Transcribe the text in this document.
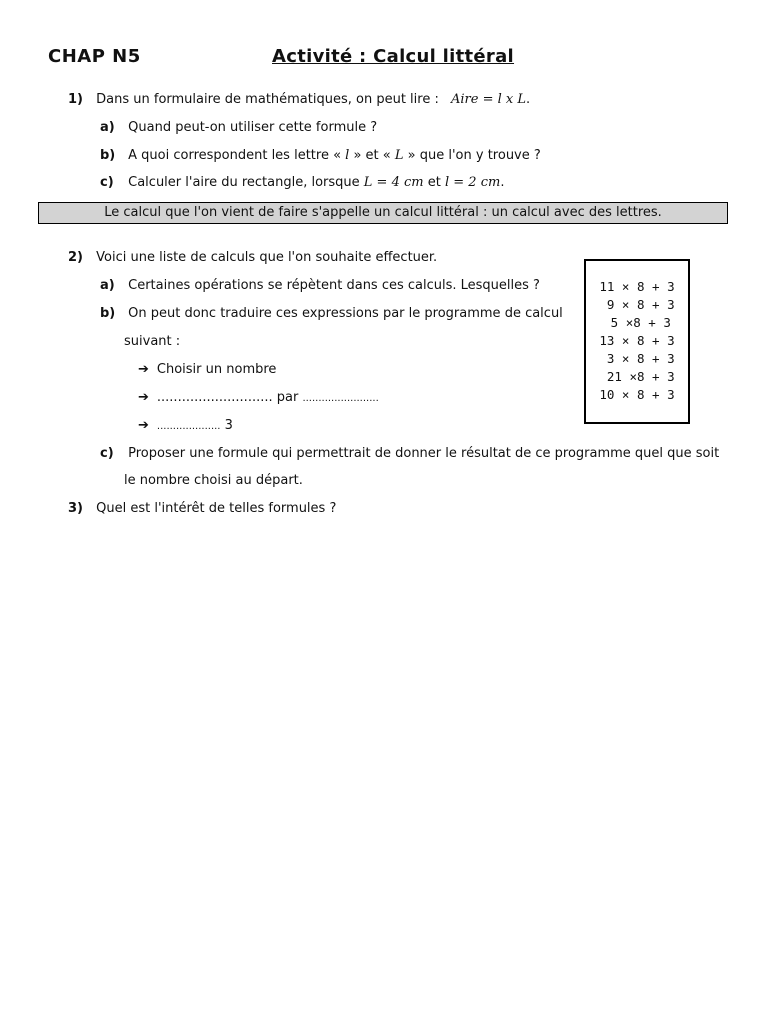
CHAP N5	Activité : Calcul littéral
1) Dans un formulaire de mathématiques, on peut lire : Aire = l x L.
a) Quand peut-on utiliser cette formule ?
b) A quoi correspondent les lettre « l » et « L » que l'on y trouve ?
c) Calculer l'aire du rectangle, lorsque L = 4 cm et l = 2 cm.
Le calcul que l'on vient de faire s'appelle un calcul littéral : un calcul avec des lettres.
2) Voici une liste de calculs que l'on souhaite effectuer.
a) Certaines opérations se répètent dans ces calculs. Lesquelles ?
b) On peut donc traduire ces expressions par le programme de calcul
suivant :
➔ Choisir un nombre
➔ ............................ par ........................
➔ .................... 3
c) Proposer une formule qui permettrait de donner le résultat de ce programme quel que soit
le nombre choisi au départ.
11 × 8 + 3
9 × 8 + 3
5 ×8 + 3
13 × 8 + 3
3 × 8 + 3
21 ×8 + 3
10 × 8 + 3
3) Quel est l'intérêt de telles formules ?
